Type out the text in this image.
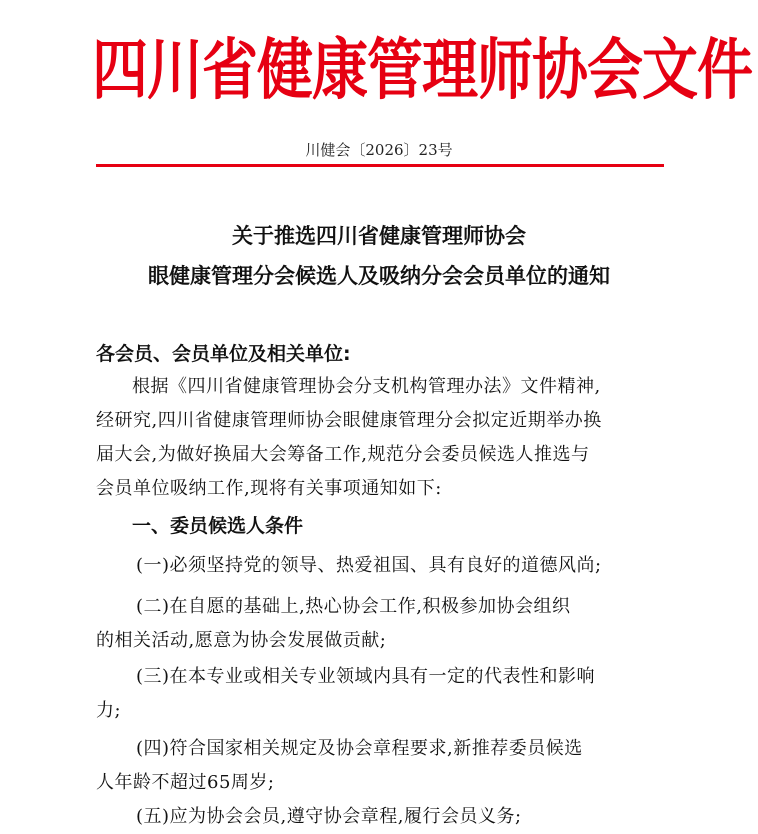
四川省健康管理师协会文件
川健会〔2026〕23号
关于推选四川省健康管理师协会
眼健康管理分会候选人及吸纳分会会员单位的通知
各会员、会员单位及相关单位:
根据《四川省健康管理协会分支机构管理办法》文件精神,
经研究,四川省健康管理师协会眼健康管理分会拟定近期举办换
届大会,为做好换届大会筹备工作,规范分会委员候选人推选与
会员单位吸纳工作,现将有关事项通知如下:
一、委员候选人条件
(一)必须坚持党的领导、热爱祖国、具有良好的道德风尚;
(二)在自愿的基础上,热心协会工作,积极参加协会组织
的相关活动,愿意为协会发展做贡献;
(三)在本专业或相关专业领域内具有一定的代表性和影响
力;
(四)符合国家相关规定及协会章程要求,新推荐委员候选
人年龄不超过65周岁;
(五)应为协会会员,遵守协会章程,履行会员义务;
